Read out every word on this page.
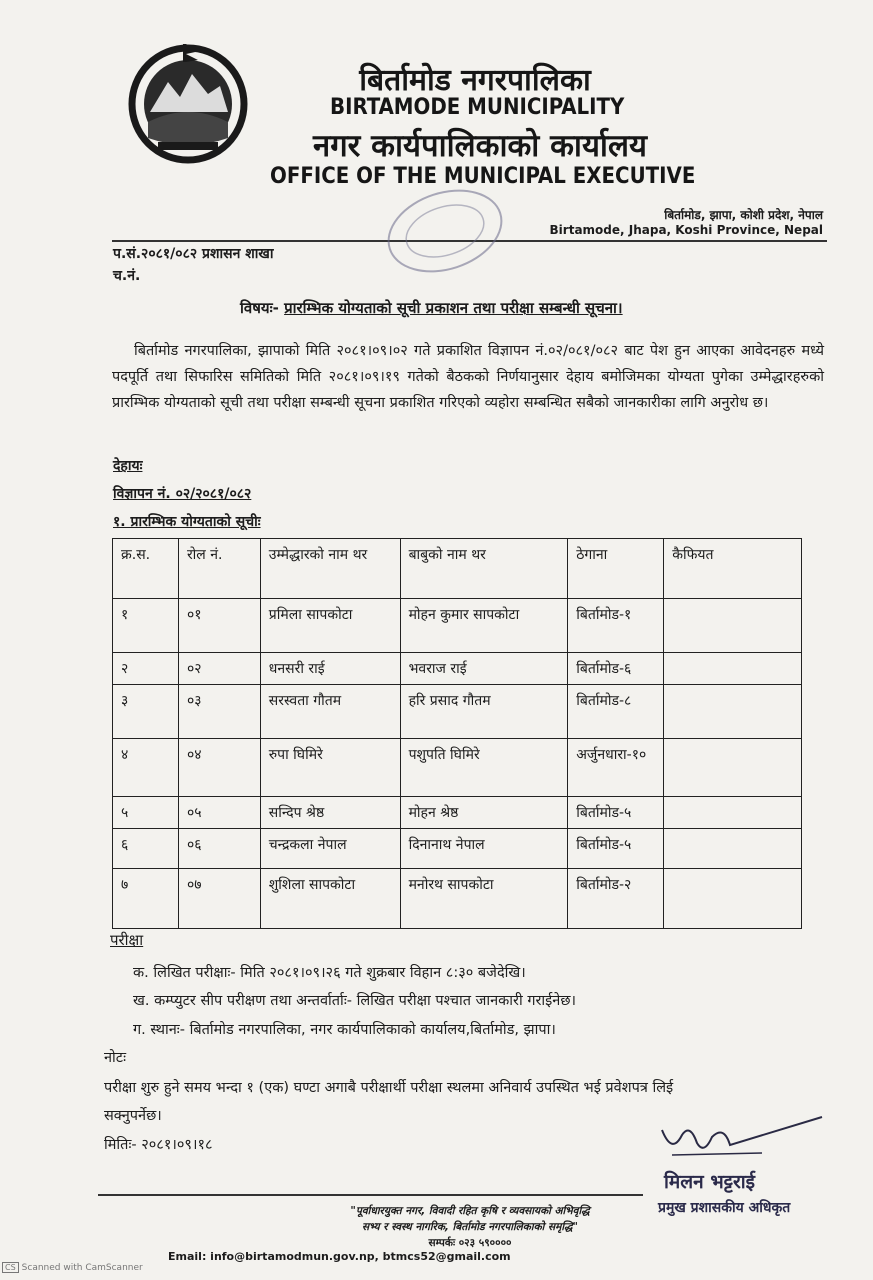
बिर्तामोड नगरपालिका
BIRTAMODE MUNICIPALITY
नगर कार्यपालिकाको कार्यालय
OFFICE OF THE MUNICIPAL EXECUTIVE
बिर्तामोड, झापा, कोशी प्रदेश, नेपाल
Birtamode, Jhapa, Koshi Province, Nepal
प.सं.२०८१/०८२ प्रशासन शाखा
च.नं.
विषयः- प्रारम्भिक योग्यताको सूची प्रकाशन तथा परीक्षा सम्बन्धी सूचना।
बिर्तामोड नगरपालिका, झापाको मिति २०८१।०९।०२ गते प्रकाशित विज्ञापन नं.०२/०८१/०८२ बाट पेश हुन आएका आवेदनहरु मध्ये पदपूर्ति तथा सिफारिस समितिको मिति २०८१।०९।१९ गतेको बैठकको निर्णयानुसार देहाय बमोजिमका योग्यता पुगेका उम्मेद्धारहरुको प्रारम्भिक योग्यताको सूची तथा परीक्षा सम्बन्धी सूचना प्रकाशित गरिएको व्यहोरा सम्बन्धित सबैको जानकारीका लागि अनुरोध छ।
देहायः
विज्ञापन नं. ०२/२०८१/०८२
१. प्रारम्भिक योग्यताको सूचीः
क्र.स.	रोल नं.	उम्मेद्धारको नाम थर	बाबुको नाम थर	ठेगाना	कैफियत
१	०१	प्रमिला सापकोटा	मोहन कुमार सापकोटा	बिर्तामोड-१	
२	०२	धनसरी राई	भवराज राई	बिर्तामोड-६	
३	०३	सरस्वता गौतम	हरि प्रसाद गौतम	बिर्तामोड-८	
४	०४	रुपा घिमिरे	पशुपति घिमिरे	अर्जुनधारा-१०	
५	०५	सन्दिप श्रेष्ठ	मोहन श्रेष्ठ	बिर्तामोड-५	
६	०६	चन्द्रकला नेपाल	दिनानाथ नेपाल	बिर्तामोड-५	
७	०७	शुशिला सापकोटा	मनोरथ सापकोटा	बिर्तामोड-२	
परीक्षा
क. लिखित परीक्षाः- मिति २०८१।०९।२६ गते शुक्रबार विहान ८:३० बजेदेखि।
ख. कम्प्युटर सीप परीक्षण तथा अन्तर्वार्ताः- लिखित परीक्षा पश्चात जानकारी गराईनेछ।
ग. स्थानः- बिर्तामोड नगरपालिका, नगर कार्यपालिकाको कार्यालय,बिर्तामोड, झापा।
नोटः
परीक्षा शुरु हुने समय भन्दा १ (एक) घण्टा अगाबै परीक्षार्थी परीक्षा स्थलमा अनिवार्य उपस्थित भई प्रवेशपत्र लिई
सक्नुपर्नेछ।
मितिः- २०८१।०९।१८
मिलन भट्टराई
प्रमुख प्रशासकीय अधिकृत
"पूर्वाधारयुक्त नगर, विवादी रहित कृषि र व्यवसायको अभिवृद्धि
सभ्य र स्वस्थ नागरिक, बिर्तामोड नगरपालिकाको समृद्धि"
सम्पर्कः ०२३ ५९००००
Email: info@birtamodmun.gov.np, btmcs52@gmail.com
CS Scanned with CamScanner
